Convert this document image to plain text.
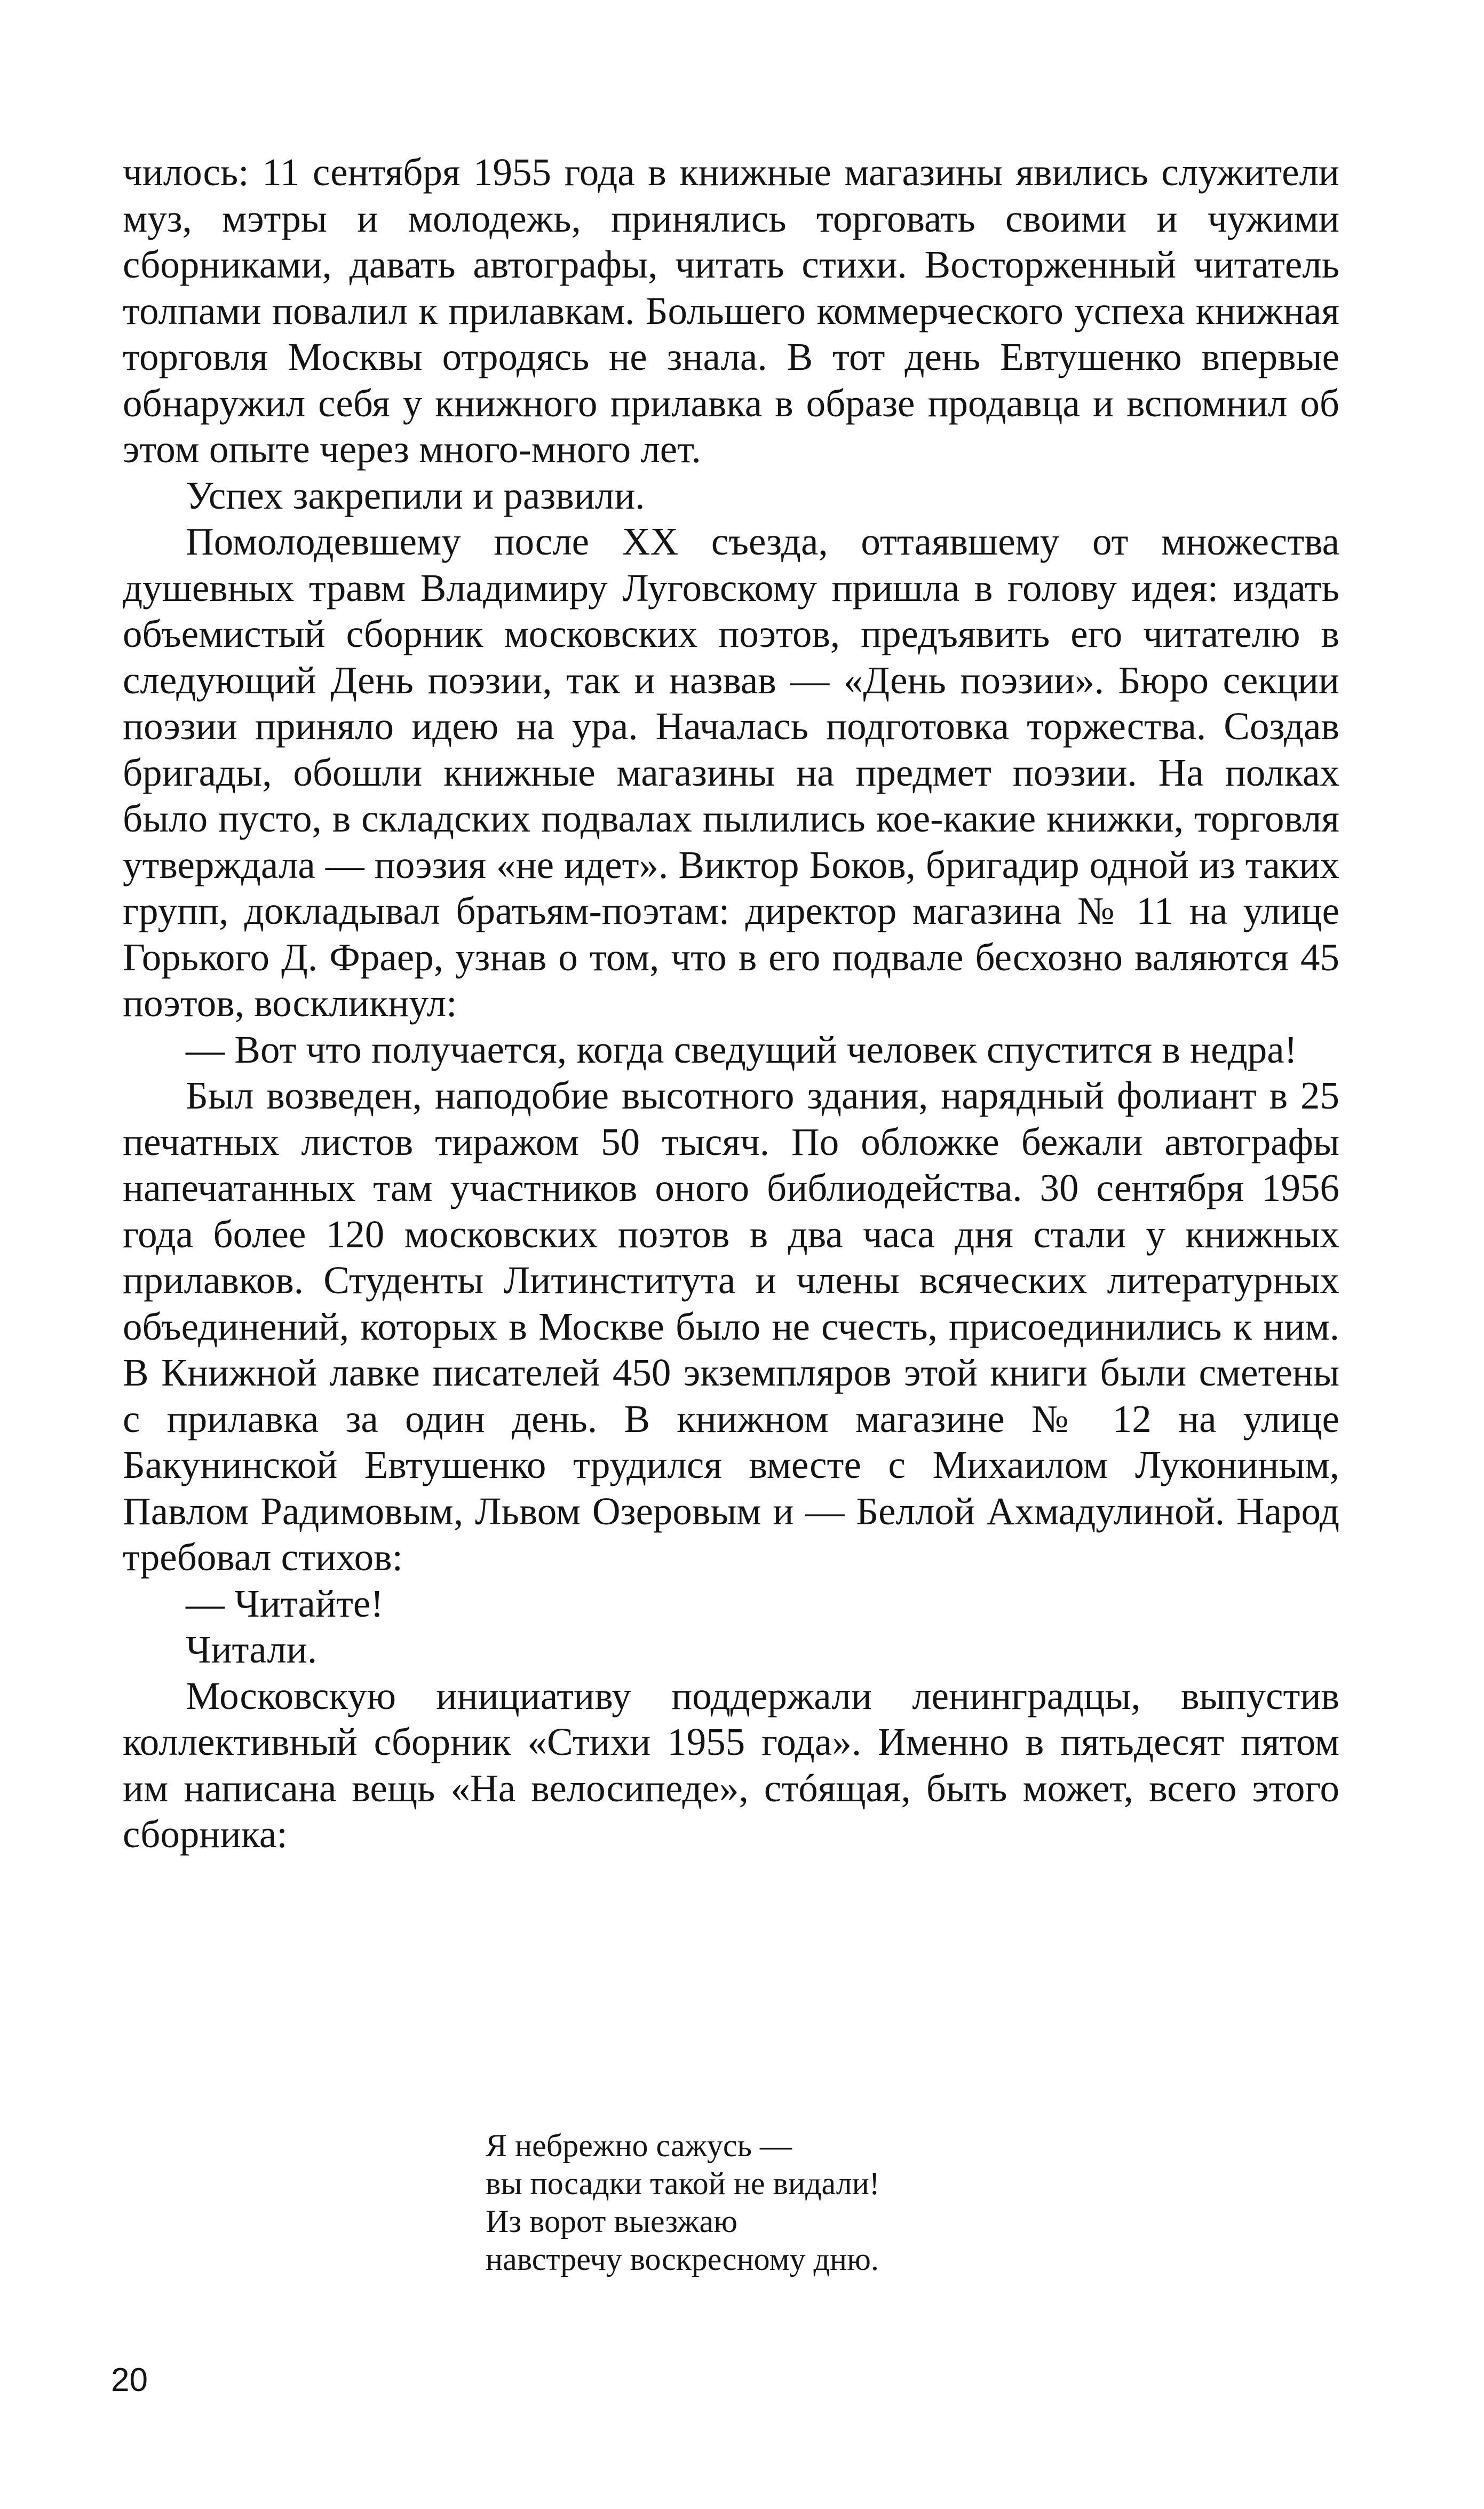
чилось: 11 сентября 1955 года в книжные магазины явились служители муз, мэтры и молодежь, принялись торговать своими и чужими сборниками, давать автографы, читать стихи. Восторженный читатель толпами повалил к прилавкам. Большего коммерческого успеха книжная торговля Москвы отродясь не знала. В тот день Евтушенко впервые обнаружил себя у книжного прилавка в образе продавца и вспомнил об этом опыте через много-много лет.

Успех закрепили и развили.

Помолодевшему после XX съезда, оттаявшему от множества душевных травм Владимиру Луговскому пришла в голову идея: издать объемистый сборник московских поэтов, предъявить его читателю в следующий День поэзии, так и назвав — «День поэзии». Бюро секции поэзии приняло идею на ура. Началась подготовка торжества. Создав бригады, обошли книжные магазины на предмет поэзии. На полках было пусто, в складских подвалах пылились кое-какие книжки, торговля утверждала — поэзия «не идет». Виктор Боков, бригадир одной из таких групп, докладывал братьям-поэтам: директор магазина № 11 на улице Горького Д. Фраер, узнав о том, что в его подвале бесхозно валяются 45 поэтов, воскликнул:

— Вот что получается, когда сведущий человек спустится в недра!

Был возведен, наподобие высотного здания, нарядный фолиант в 25 печатных листов тиражом 50 тысяч. По обложке бежали автографы напечатанных там участников оного библиодейства. 30 сентября 1956 года более 120 московских поэтов в два часа дня стали у книжных прилавков. Студенты Литинститута и члены всяческих литературных объединений, которых в Москве было не счесть, присоединились к ним. В Книжной лавке писателей 450 экземпляров этой книги были сметены с прилавка за один день. В книжном магазине № 12 на улице Бакунинской Евтушенко трудился вместе с Михаилом Лукониным, Павлом Радимовым, Львом Озеровым и — Беллой Ахмадулиной. Народ требовал стихов:

— Читайте!

Читали.

Московскую инициативу поддержали ленинградцы, выпустив коллективный сборник «Стихи 1955 года». Именно в пятьдесят пятом им написана вещь «На велосипеде», стóящая, быть может, всего этого сборника:

Я небрежно сажусь —
вы посадки такой не видали!
Из ворот выезжаю
навстречу воскресному дню.
20
